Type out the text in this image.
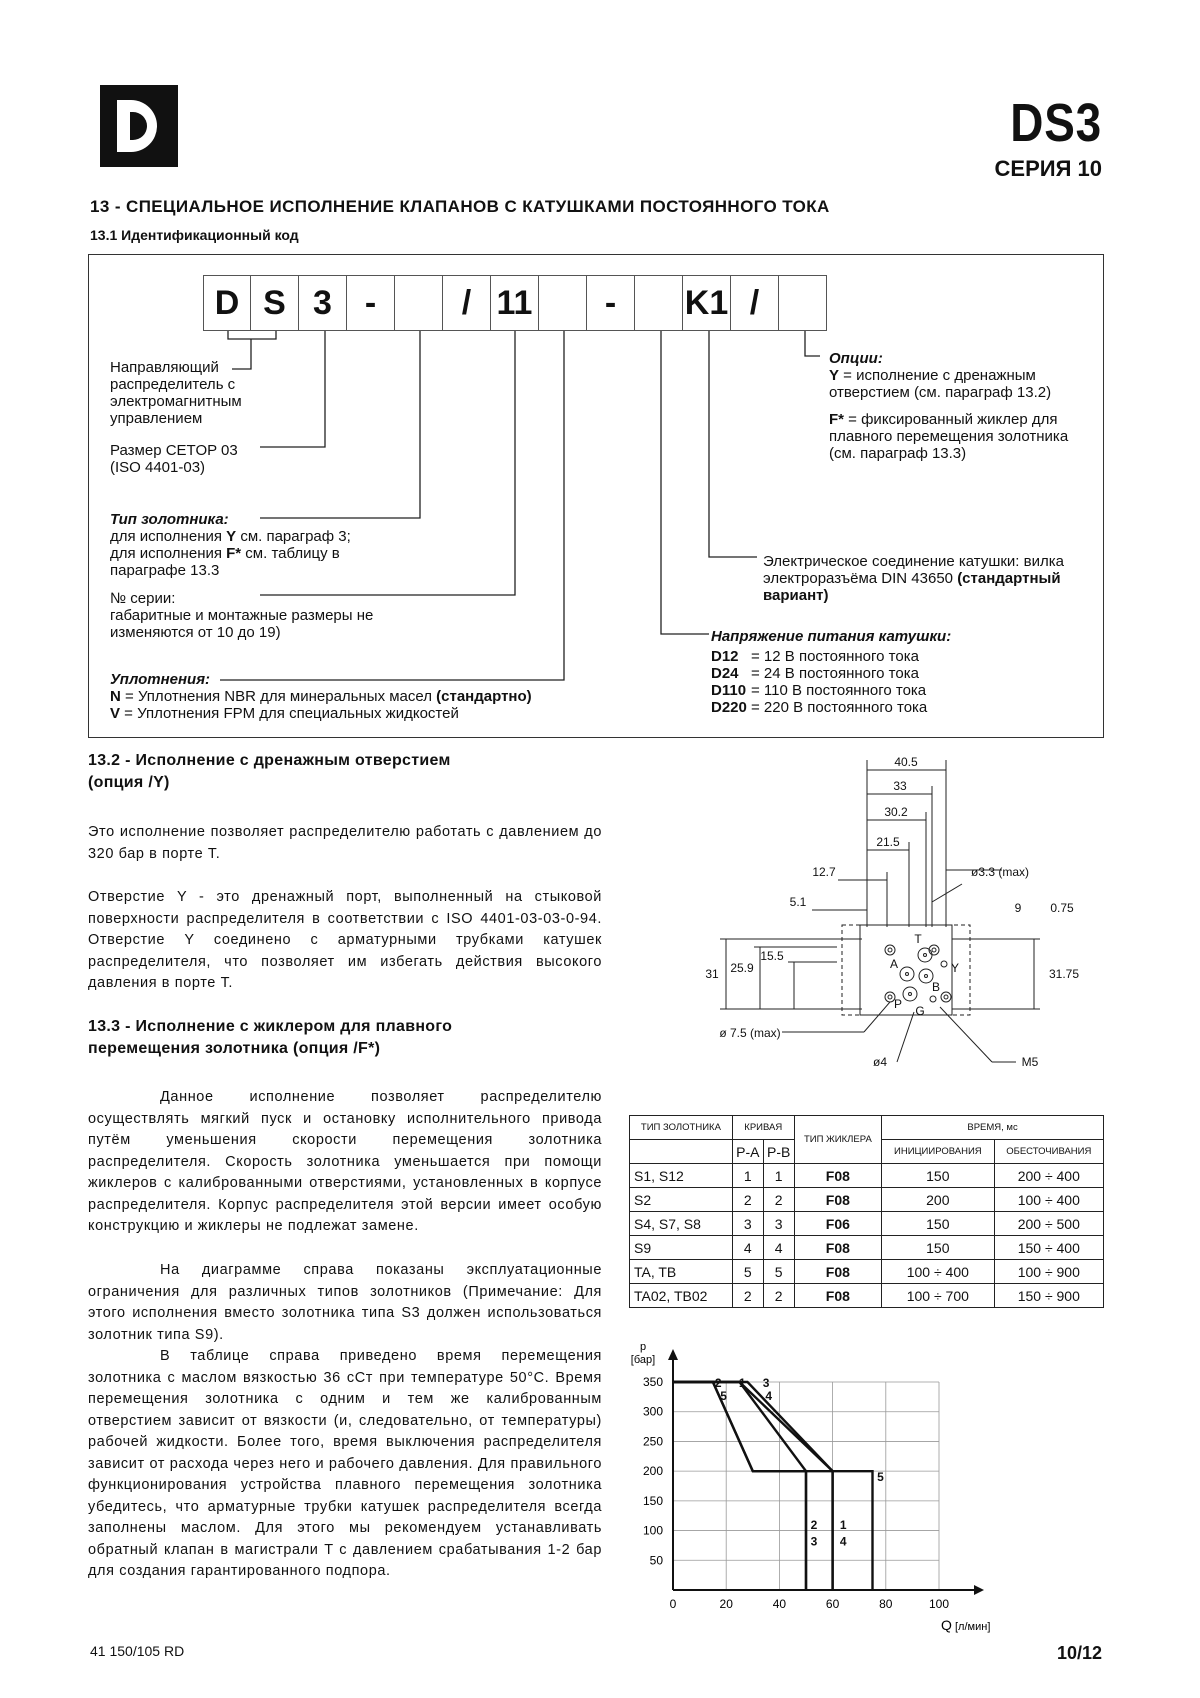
DS3
СЕРИЯ 10
13 - СПЕЦИАЛЬНОЕ ИСПОЛНЕНИЕ КЛАПАНОВ С КАТУШКАМИ ПОСТОЯННОГО ТОКА
13.1 Идентификационный код
D S 3 -	/ 11	-	K1 /
Направляющий
распределитель с
электромагнитным
управлением
Размер CETOP 03
(ISO 4401-03)
Тип золотника:
для исполнения Y см. параграф 3;
для исполнения F* см. таблицу в
параграфе 13.3
№ серии:
габаритные и монтажные размеры не
изменяются от 10 до 19)
Уплотнения:
N = Уплотнения NBR для минеральных масел (стандартно)
V = Уплотнения FPM для специальных жидкостей
Опции:
Y = исполнение с дренажным
отверстием (см. параграф 13.2)
F* = фиксированный жиклер для
плавного перемещения золотника
(см. параграф 13.3)
Электрическое соединение катушки: вилка
электроразъёма DIN 43650 (стандартный
вариант)
Напряжение питания катушки:
D12 = 12 В постоянного тока
D24 = 24 В постоянного тока
D110 = 110 В постоянного тока
D220 = 220 В постоянного тока
13.2 - Исполнение с дренажным отверстием
(опция /Y)
Это исполнение позволяет распределителю работать с давлением до 320 бар в порте T.
Отверстие Y - это дренажный порт, выполненный на стыковой поверхности распределителя в соответствии с ISO 4401-03-03-0-94. Отверстие Y соединено с арматурными трубками катушек распределителя, что позволяет им избегать действия высокого давления в порте T.
13.3 - Исполнение с жиклером для плавного
перемещения золотника (опция /F*)
Данное исполнение позволяет распределителю осуществлять мягкий пуск и остановку исполнительного привода путём уменьшения скорости перемещения золотника распределителя. Скорость золотника уменьшается при помощи жиклеров с калиброванными отверстиями, установленных в корпусе распределителя. Корпус распределителя этой версии имеет особую конструкцию и жиклеры не подлежат замене.
На диаграмме справа показаны эксплуатационные ограничения для различных типов золотников (Примечание: Для этого исполнения вместо золотника типа S3 должен использоваться золотник типа S9).
В таблице справа приведено время перемещения золотника с маслом вязкостью 36 cСт при температуре 50°С. Время перемещения золотника с одним и тем же калиброванным отверстием зависит от вязкости (и, следовательно, от температуры) рабочей жидкости. Более того, время выключения распределителя зависит от расхода через него и рабочего давления. Для правильного функционирования устройства плавного перемещения золотника убедитесь, что арматурные трубки катушек распределителя всегда заполнены маслом. Для этого мы рекомендуем устанавливать обратный клапан в магистрали T с давлением срабатывания 1-2 бар для создания гарантированного подпора.
40.5
33
30.2
21.5
12.7
5.1
ø3.3 (max)
9 0.75
31 25.9
15.5
31.75
ø 7.5 (max)
ø4	M5
A
T
B
P G
Y
ТИП ЗОЛОТНИКА	КРИВАЯ		ТИП ЖИКЛЕРА	ВРЕМЯ, мс	
	P-A	P-B		ИНИЦИИРОВАНИЯ	ОБЕСТОЧИВАНИЯ

S1, S12	1	1	F08	150	200 ÷ 400
S2	2	2	F08	200	100 ÷ 400
S4, S7, S8	3	3	F06	150	200 ÷ 500
S9	4	4	F08	150	150 ÷ 400
TA, TB	5	5	F08	100 ÷ 400	100 ÷ 900
TA02, TB02	2	2	F08	100 ÷ 700	150 ÷ 900
0	20	40	60	80	100
50
100
150
200
250
300
350
p
[бар]
Q [л/мин]
2 1 3
5	4
5
2 1
3 4
41 150/105 RD	10/12
